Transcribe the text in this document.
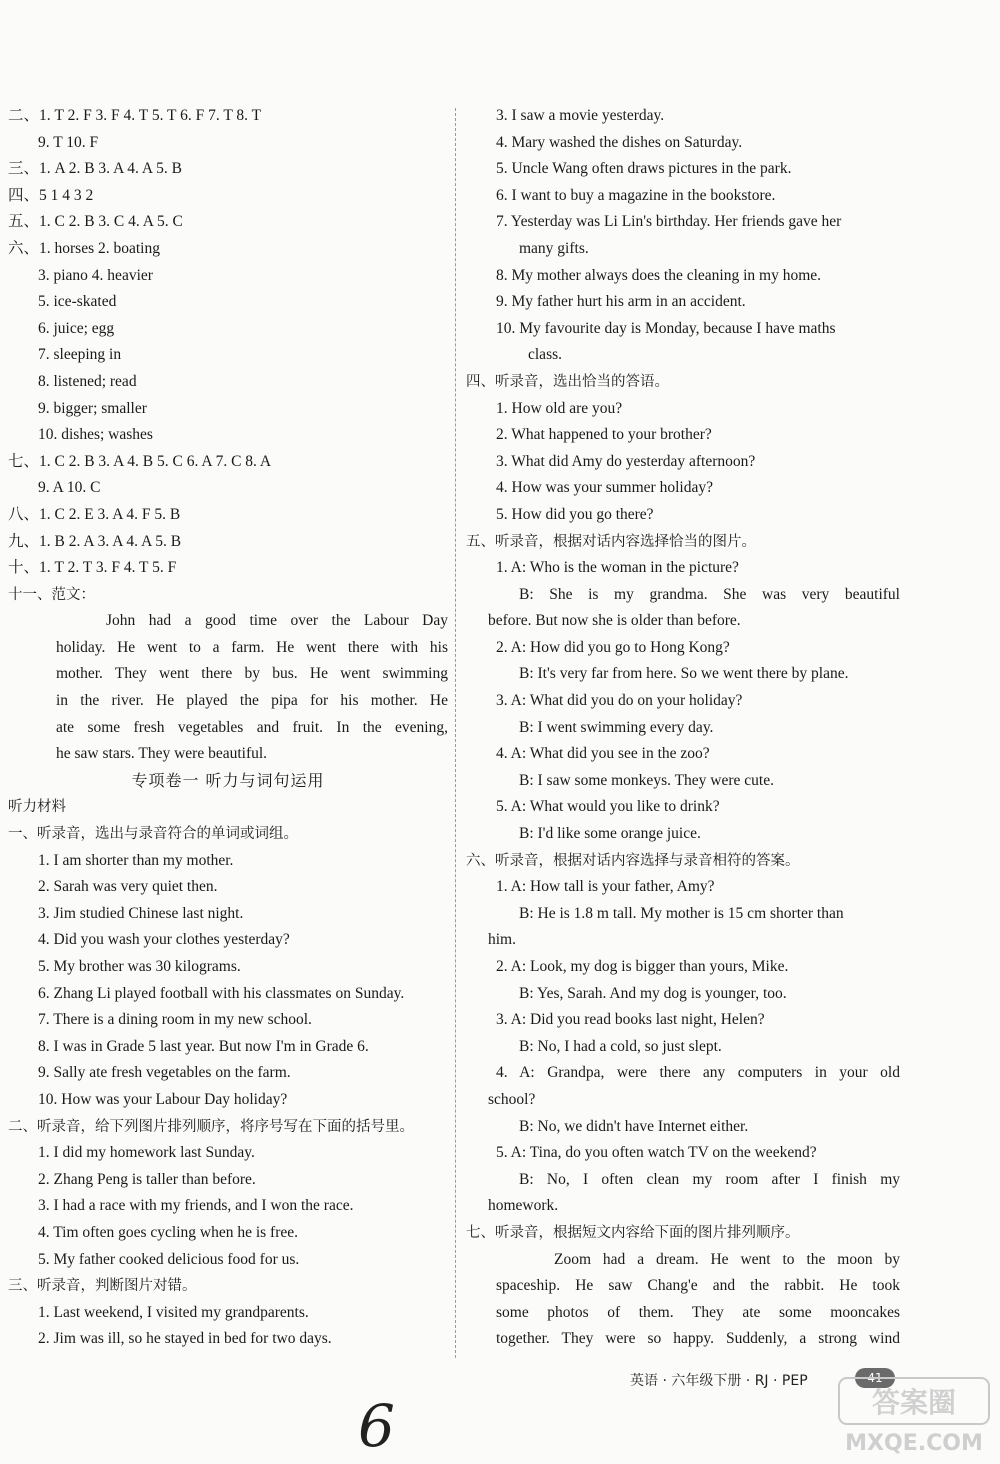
二、1. T 2. F 3. F 4. T 5. T 6. F 7. T 8. T
9. T 10. F
三、1. A 2. B 3. A 4. A 5. B
四、5 1 4 3 2
五、1. C 2. B 3. C 4. A 5. C
六、1. horses 2. boating
3. piano 4. heavier
5. ice-skated
6. juice; egg
7. sleeping in
8. listened; read
9. bigger; smaller
10. dishes; washes
七、1. C 2. B 3. A 4. B 5. C 6. A 7. C 8. A
9. A 10. C
八、1. C 2. E 3. A 4. F 5. B
九、1. B 2. A 3. A 4. A 5. B
十、1. T 2. T 3. F 4. T 5. F
十一、范文：
John had a good time over the Labour Day
holiday. He went to a farm. He went there with his
mother. They went there by bus. He went swimming
in the river. He played the pipa for his mother. He
ate some fresh vegetables and fruit. In the evening,
he saw stars. They were beautiful.
专项卷一 听力与词句运用
听力材料
一、听录音，选出与录音符合的单词或词组。
1. I am shorter than my mother.
2. Sarah was very quiet then.
3. Jim studied Chinese last night.
4. Did you wash your clothes yesterday?
5. My brother was 30 kilograms.
6. Zhang Li played football with his classmates on Sunday.
7. There is a dining room in my new school.
8. I was in Grade 5 last year. But now I'm in Grade 6.
9. Sally ate fresh vegetables on the farm.
10. How was your Labour Day holiday?
二、听录音，给下列图片排列顺序，将序号写在下面的括号里。
1. I did my homework last Sunday.
2. Zhang Peng is taller than before.
3. I had a race with my friends, and I won the race.
4. Tim often goes cycling when he is free.
5. My father cooked delicious food for us.
三、听录音，判断图片对错。
1. Last weekend, I visited my grandparents.
2. Jim was ill, so he stayed in bed for two days.
3. I saw a movie yesterday.
4. Mary washed the dishes on Saturday.
5. Uncle Wang often draws pictures in the park.
6. I want to buy a magazine in the bookstore.
7. Yesterday was Li Lin's birthday. Her friends gave her
many gifts.
8. My mother always does the cleaning in my home.
9. My father hurt his arm in an accident.
10. My favourite day is Monday, because I have maths
class.
四、听录音，选出恰当的答语。
1. How old are you?
2. What happened to your brother?
3. What did Amy do yesterday afternoon?
4. How was your summer holiday?
5. How did you go there?
五、听录音，根据对话内容选择恰当的图片。
1. A: Who is the woman in the picture?
B: She is my grandma. She was very beautiful
before. But now she is older than before.
2. A: How did you go to Hong Kong?
B: It's very far from here. So we went there by plane.
3. A: What did you do on your holiday?
B: I went swimming every day.
4. A: What did you see in the zoo?
B: I saw some monkeys. They were cute.
5. A: What would you like to drink?
B: I'd like some orange juice.
六、听录音，根据对话内容选择与录音相符的答案。
1. A: How tall is your father, Amy?
B: He is 1.8 m tall. My mother is 15 cm shorter than
him.
2. A: Look, my dog is bigger than yours, Mike.
B: Yes, Sarah. And my dog is younger, too.
3. A: Did you read books last night, Helen?
B: No, I had a cold, so just slept.
4. A: Grandpa, were there any computers in your old
school?
B: No, we didn't have Internet either.
5. A: Tina, do you often watch TV on the weekend?
B: No, I often clean my room after I finish my
homework.
七、听录音，根据短文内容给下面的图片排列顺序。
Zoom had a dream. He went to the moon by
spaceship. He saw Chang'e and the rabbit. He took
some photos of them. They ate some mooncakes
together. They were so happy. Suddenly, a strong wind
英语 · 六年级下册 · RJ · PEP	41
6	答案圈
MXQE.COM
